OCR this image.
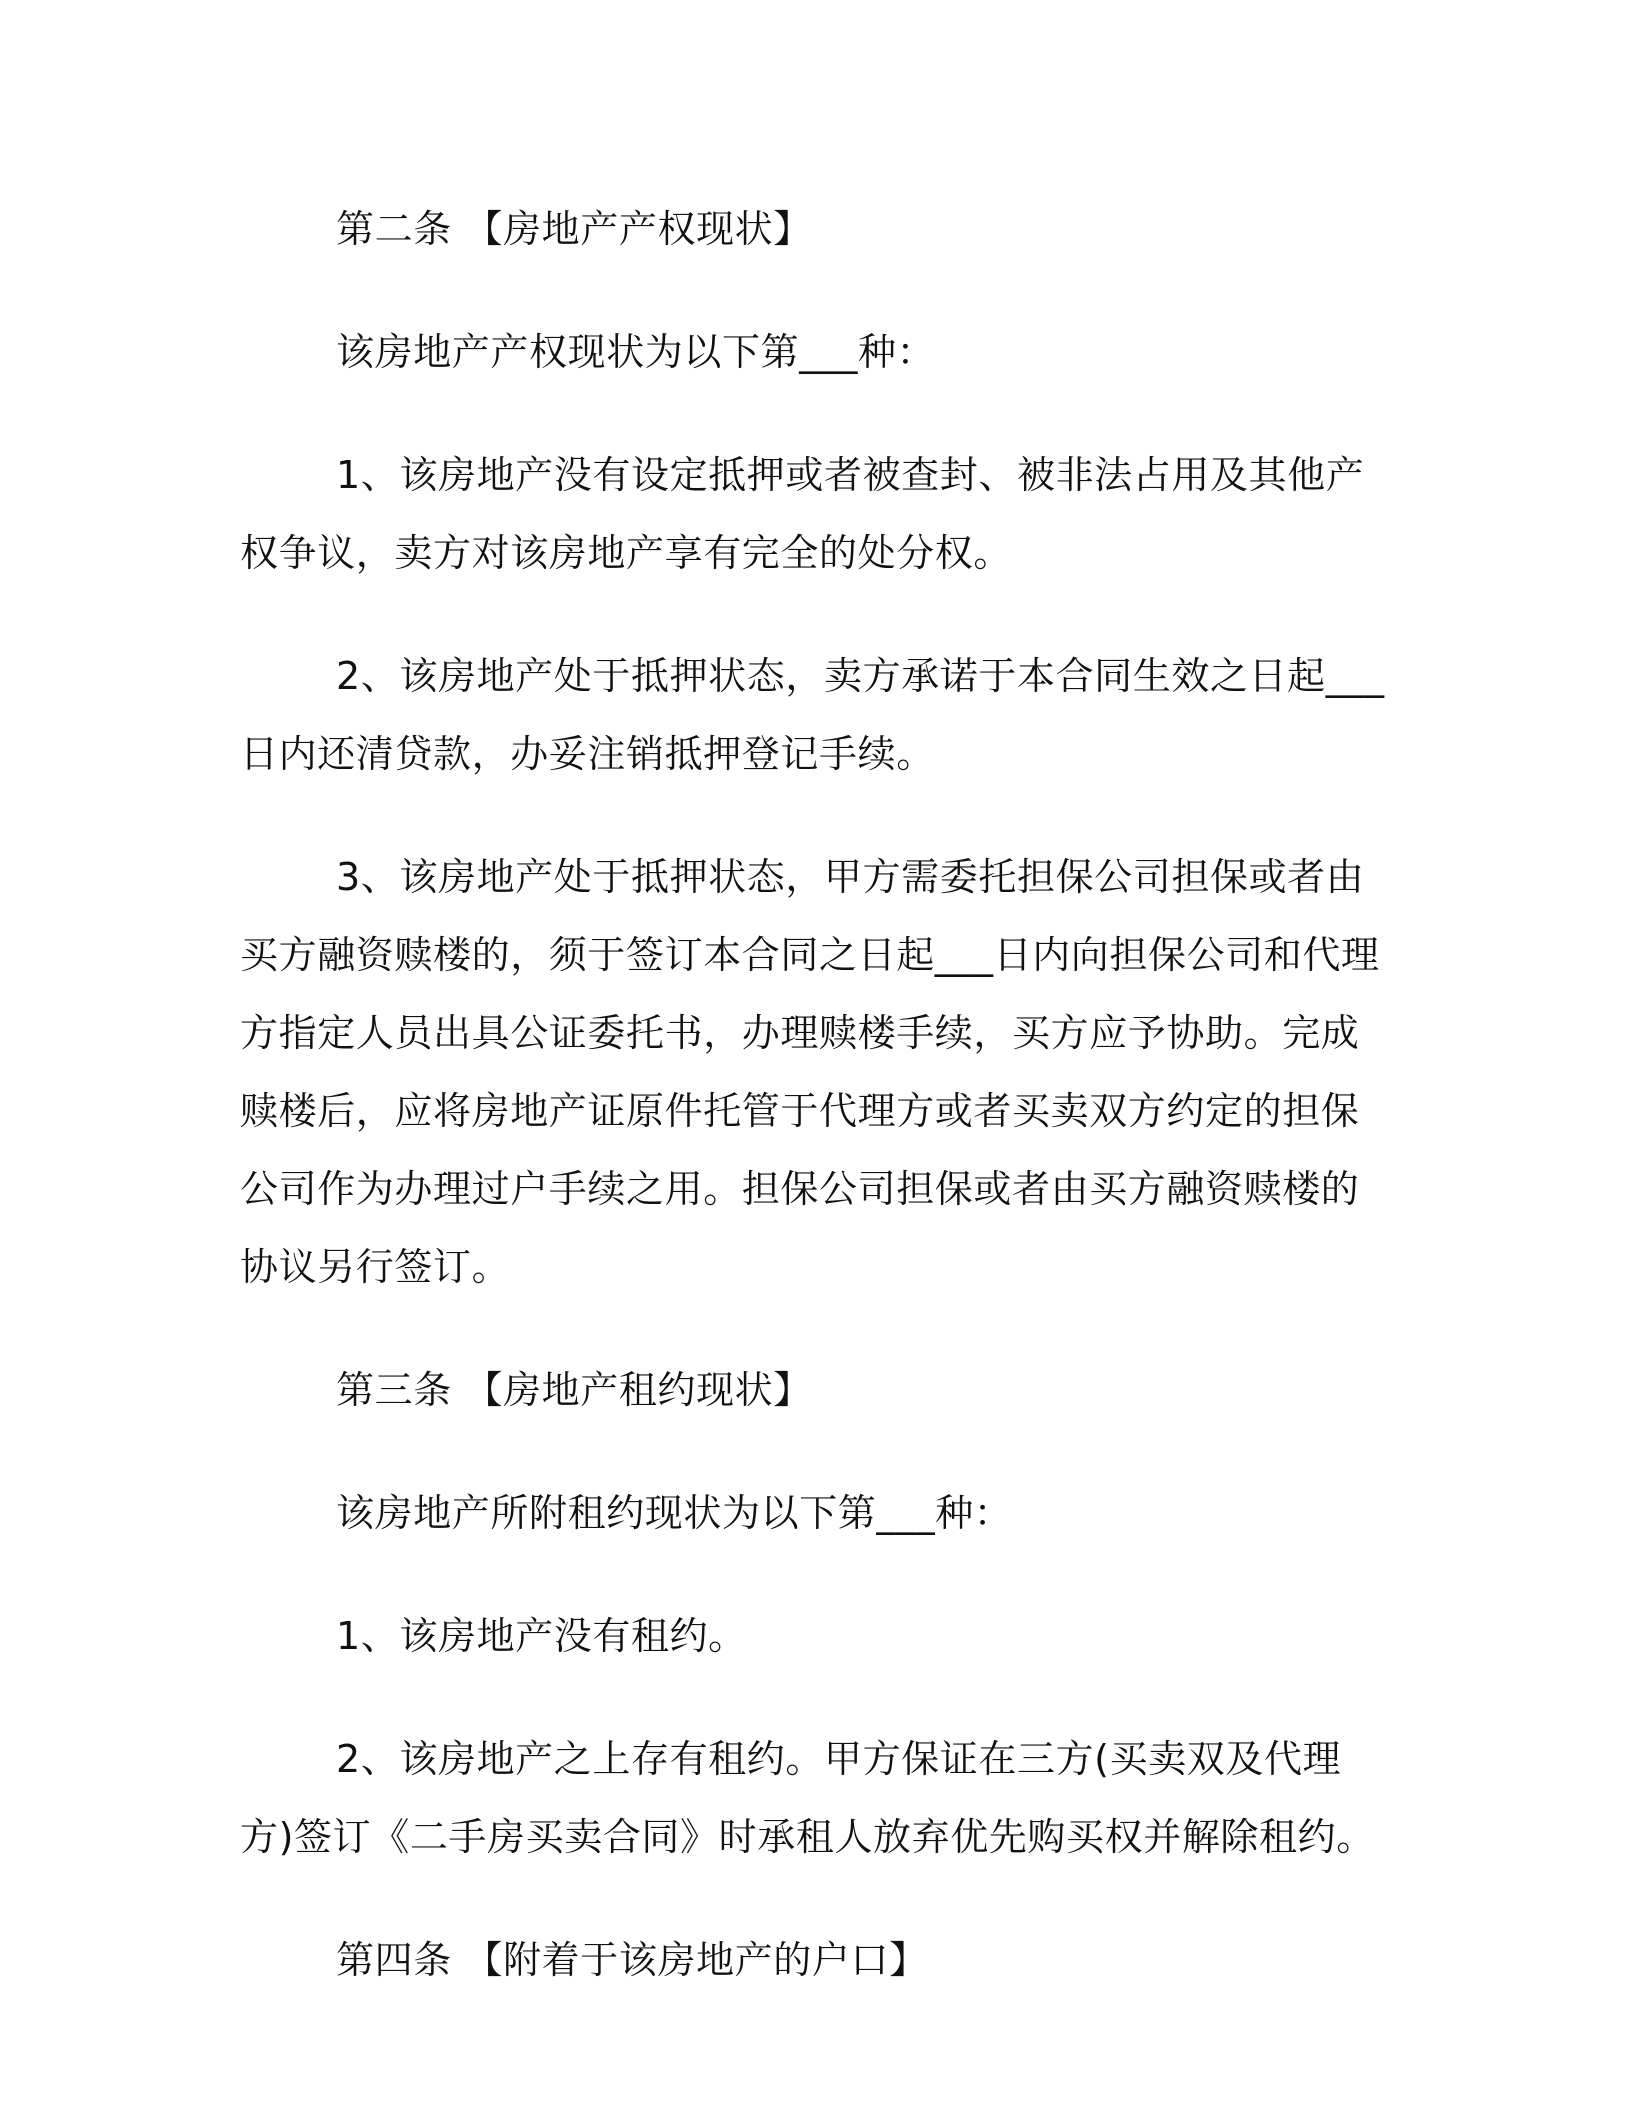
第二条 【房地产产权现状】

该房地产产权现状为以下第___种：

1、该房地产没有设定抵押或者被查封、被非法占用及其他产权争议，卖方对该房地产享有完全的处分权。

2、该房地产处于抵押状态，卖方承诺于本合同生效之日起___日内还清贷款，办妥注销抵押登记手续。

3、该房地产处于抵押状态，甲方需委托担保公司担保或者由买方融资赎楼的，须于签订本合同之日起___日内向担保公司和代理方指定人员出具公证委托书，办理赎楼手续，买方应予协助。完成赎楼后，应将房地产证原件托管于代理方或者买卖双方约定的担保公司作为办理过户手续之用。担保公司担保或者由买方融资赎楼的协议另行签订。

第三条 【房地产租约现状】

该房地产所附租约现状为以下第___种：

1、该房地产没有租约。

2、该房地产之上存有租约。甲方保证在三方(买卖双及代理方)签订《二手房买卖合同》时承租人放弃优先购买权并解除租约。

第四条 【附着于该房地产的户口】
